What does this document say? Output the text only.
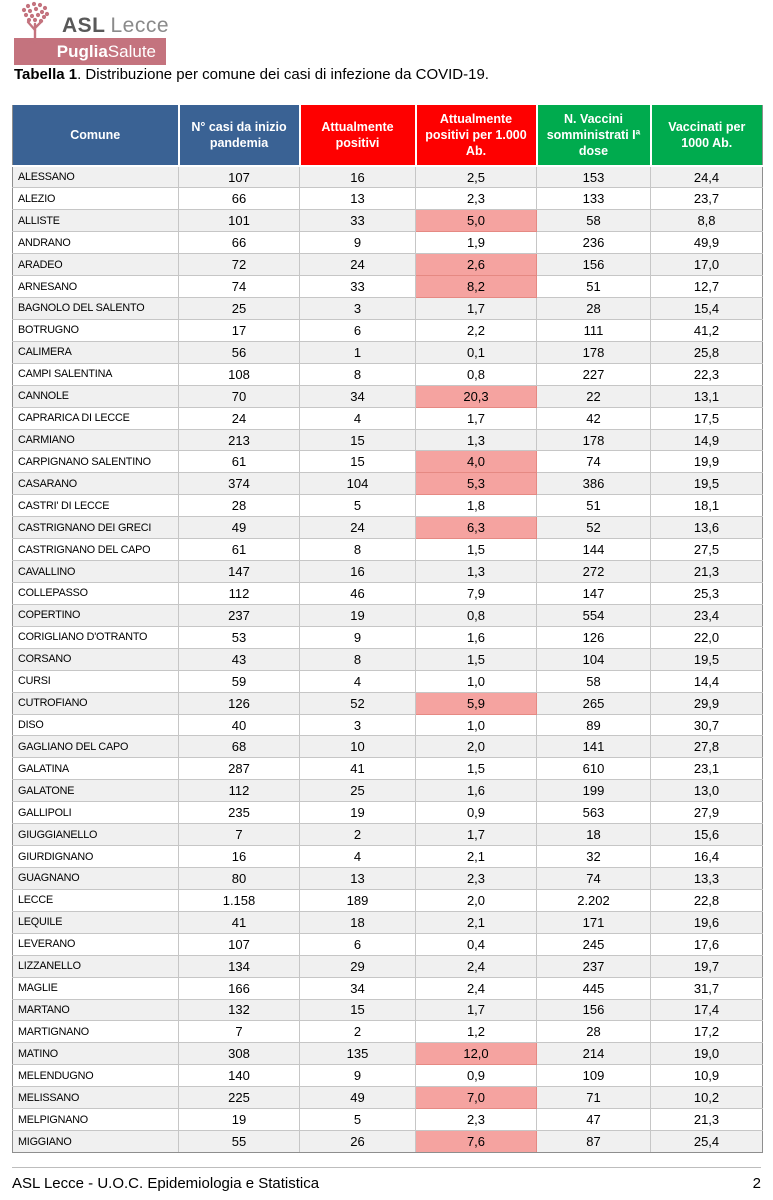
ASL Lecce
Puglia Salute
Tabella 1. Distribuzione per comune dei casi di infezione da COVID-19.
Comune	N° casi da inizio pandemia	Attualmente positivi	Attualmente positivi per 1.000 Ab.	N. Vaccini somministrati Iª dose	Vaccinati per 1000 Ab.
ALESSANO	107	16	2,5	153	24,4
ALEZIO	66	13	2,3	133	23,7
ALLISTE	101	33	5,0	58	8,8
ANDRANO	66	9	1,9	236	49,9
ARADEO	72	24	2,6	156	17,0
ARNESANO	74	33	8,2	51	12,7
BAGNOLO DEL SALENTO	25	3	1,7	28	15,4
BOTRUGNO	17	6	2,2	111	41,2
CALIMERA	56	1	0,1	178	25,8
CAMPI SALENTINA	108	8	0,8	227	22,3
CANNOLE	70	34	20,3	22	13,1
CAPRARICA DI LECCE	24	4	1,7	42	17,5
CARMIANO	213	15	1,3	178	14,9
CARPIGNANO SALENTINO	61	15	4,0	74	19,9
CASARANO	374	104	5,3	386	19,5
CASTRI' DI LECCE	28	5	1,8	51	18,1
CASTRIGNANO DEI GRECI	49	24	6,3	52	13,6
CASTRIGNANO DEL CAPO	61	8	1,5	144	27,5
CAVALLINO	147	16	1,3	272	21,3
COLLEPASSO	112	46	7,9	147	25,3
COPERTINO	237	19	0,8	554	23,4
CORIGLIANO D'OTRANTO	53	9	1,6	126	22,0
CORSANO	43	8	1,5	104	19,5
CURSI	59	4	1,0	58	14,4
CUTROFIANO	126	52	5,9	265	29,9
DISO	40	3	1,0	89	30,7
GAGLIANO DEL CAPO	68	10	2,0	141	27,8
GALATINA	287	41	1,5	610	23,1
GALATONE	112	25	1,6	199	13,0
GALLIPOLI	235	19	0,9	563	27,9
GIUGGIANELLO	7	2	1,7	18	15,6
GIURDIGNANO	16	4	2,1	32	16,4
GUAGNANO	80	13	2,3	74	13,3
LECCE	1.158	189	2,0	2.202	22,8
LEQUILE	41	18	2,1	171	19,6
LEVERANO	107	6	0,4	245	17,6
LIZZANELLO	134	29	2,4	237	19,7
MAGLIE	166	34	2,4	445	31,7
MARTANO	132	15	1,7	156	17,4
MARTIGNANO	7	2	1,2	28	17,2
MATINO	308	135	12,0	214	19,0
MELENDUGNO	140	9	0,9	109	10,9
MELISSANO	225	49	7,0	71	10,2
MELPIGNANO	19	5	2,3	47	21,3
MIGGIANO	55	26	7,6	87	25,4
ASL Lecce - U.O.C. Epidemiologia e Statistica	2
